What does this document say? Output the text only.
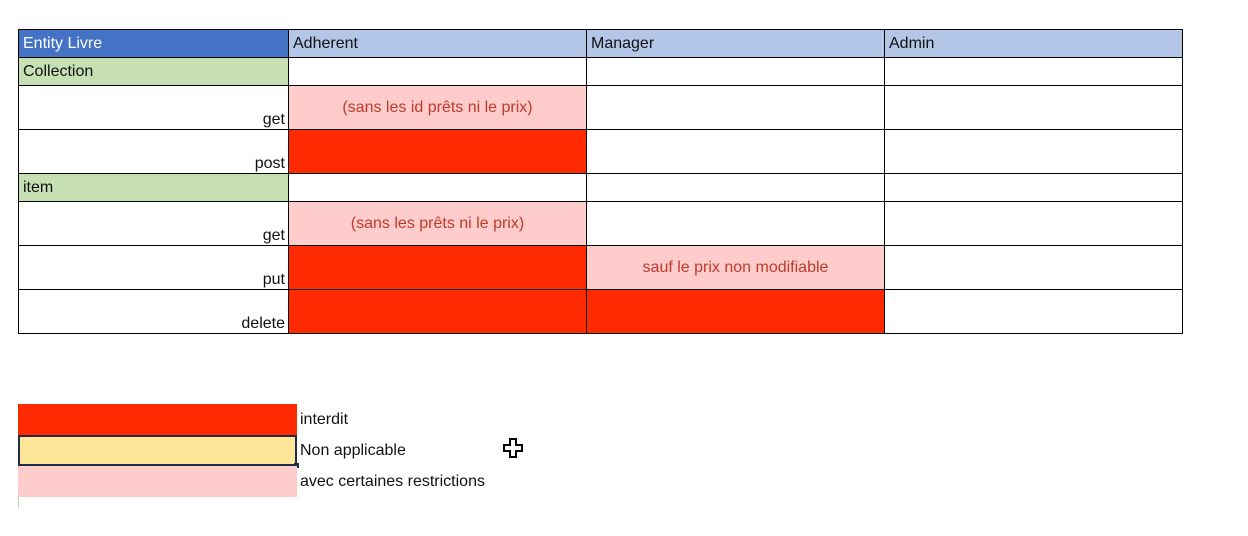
Entity Livre	Adherent	Manager	Admin
Collection			
get	(sans les id prêts ni le prix)		
post			
item			
get	(sans les prêts ni le prix)		
put		sauf le prix non modifiable	
delete			
interdit
Non applicable
avec certaines restrictions
